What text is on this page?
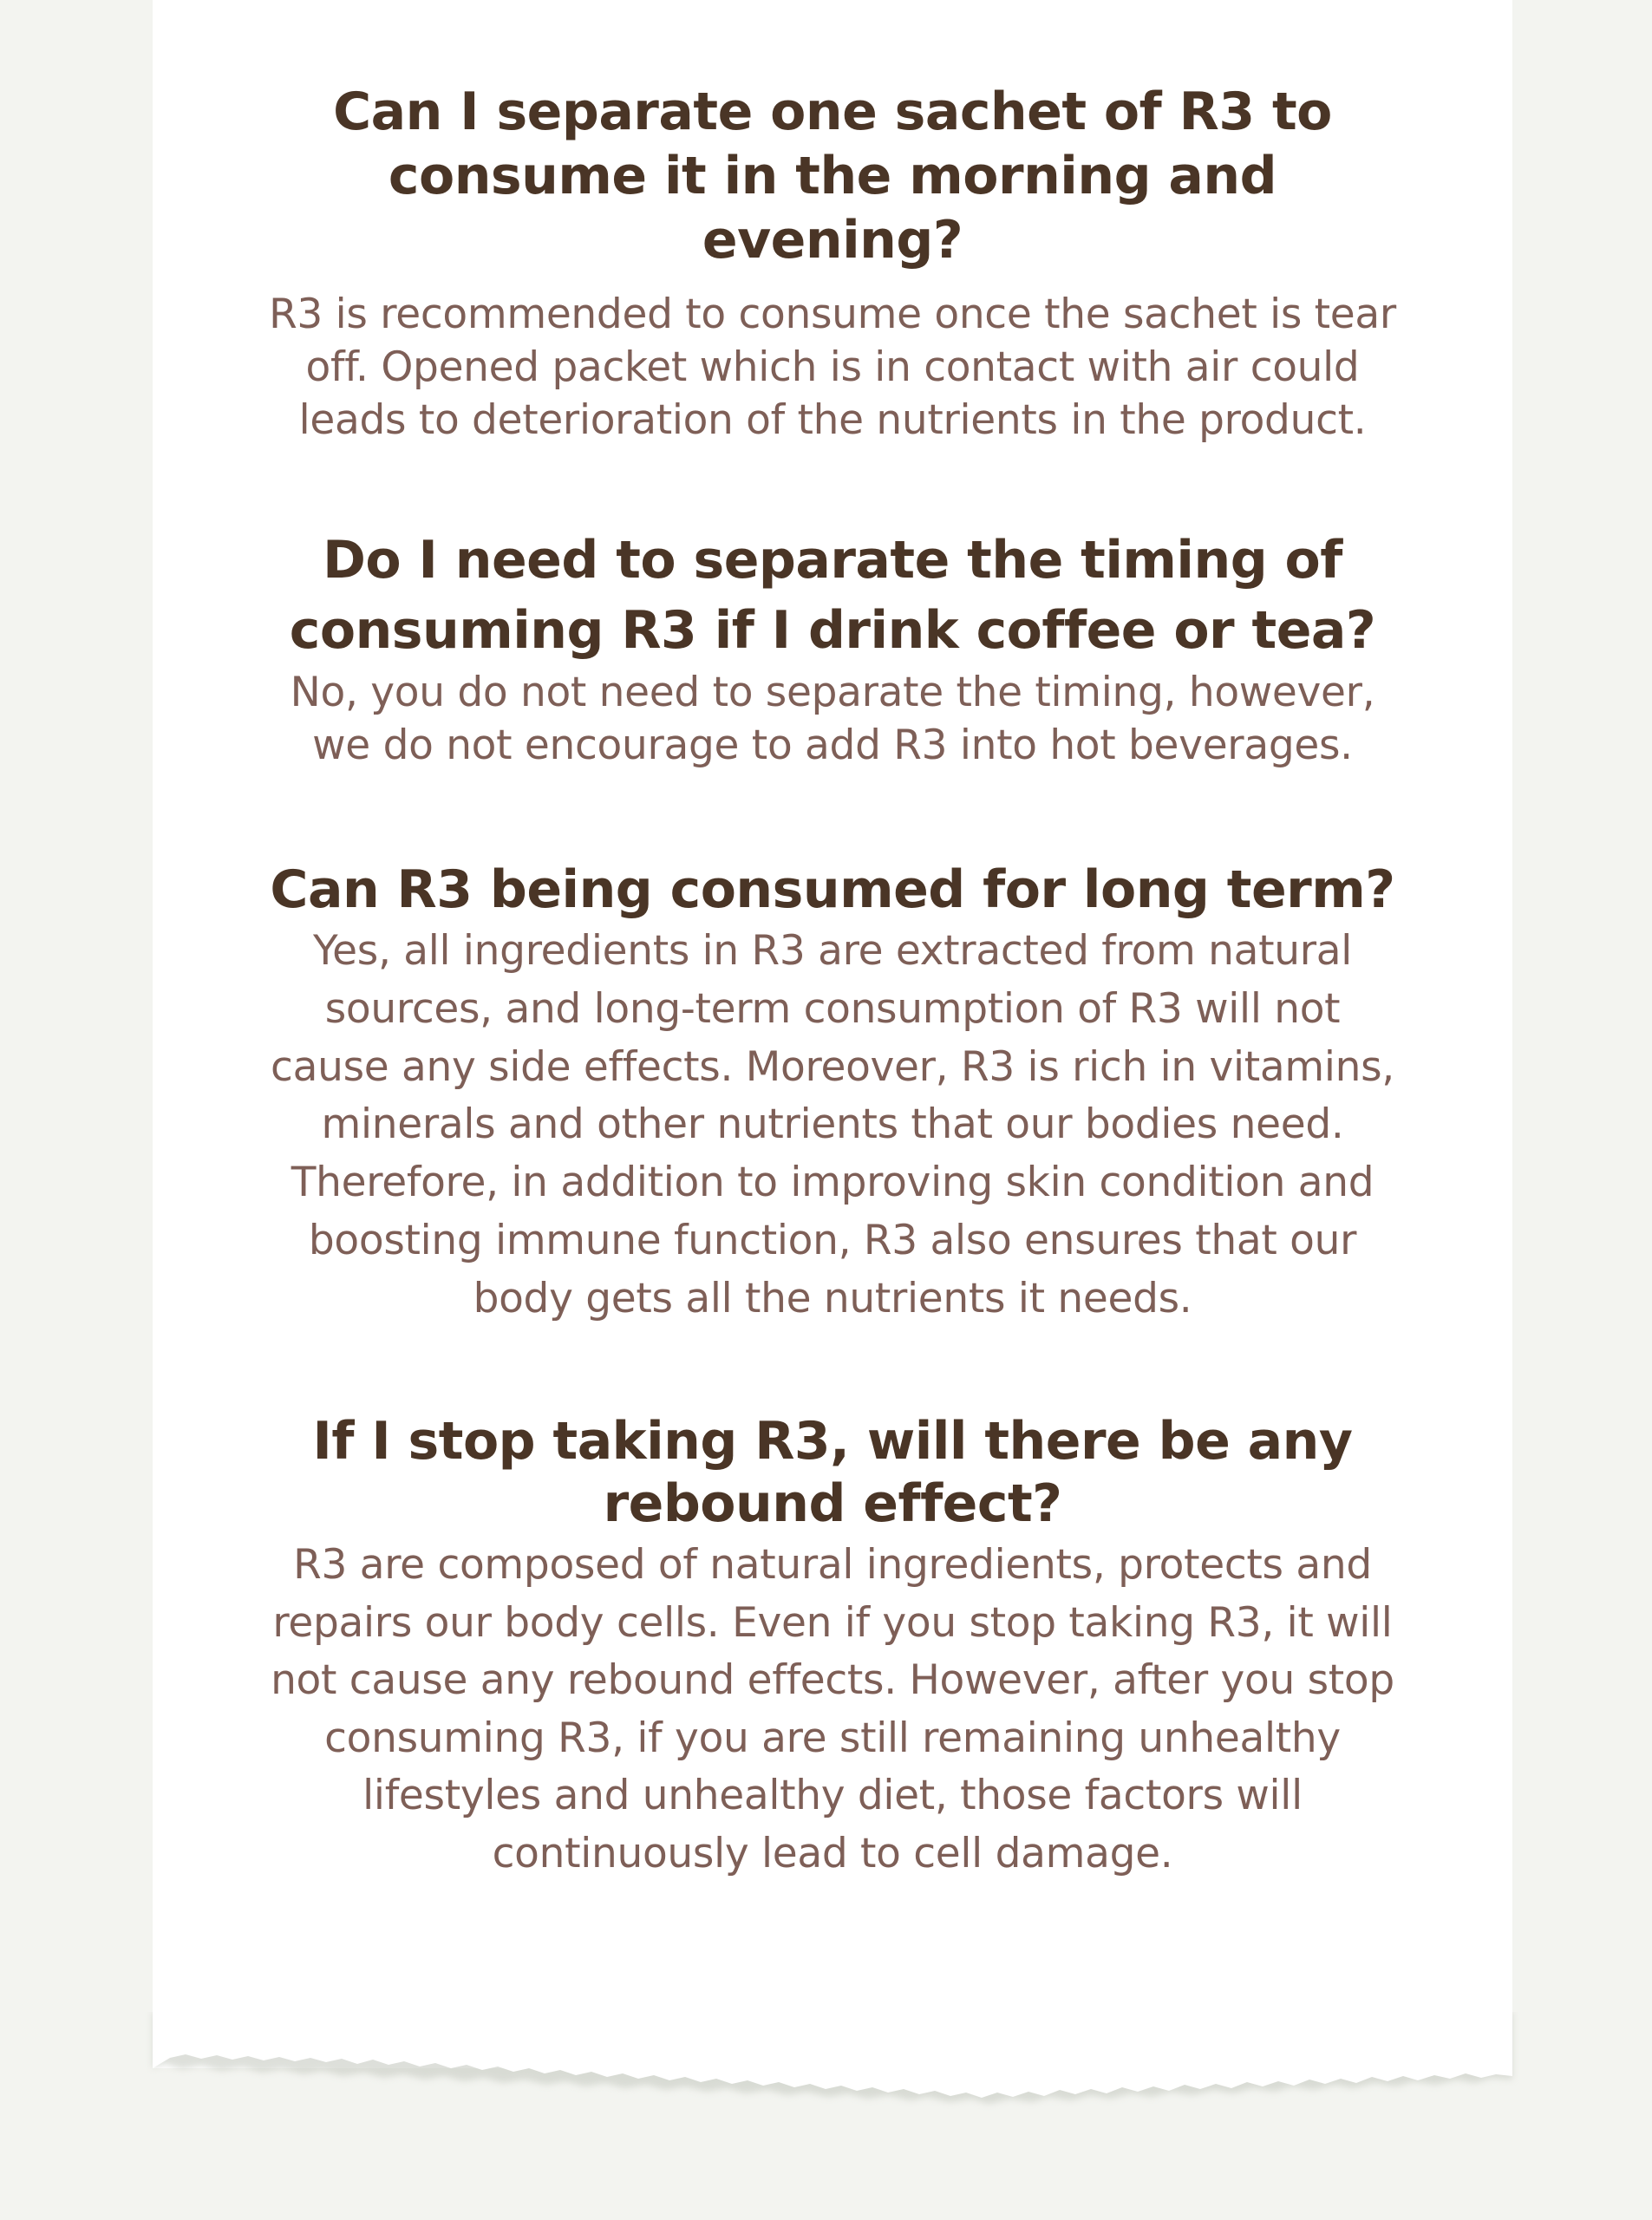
Can I separate one sachet of R3 to consume it in the morning and evening?

R3 is recommended to consume once the sachet is tear off. Opened packet which is in contact with air could leads to deterioration of the nutrients in the product.

Do I need to separate the timing of consuming R3 if I drink coffee or tea?

No, you do not need to separate the timing, however, we do not encourage to add R3 into hot beverages.

Can R3 being consumed for long term?

Yes, all ingredients in R3 are extracted from natural sources, and long-term consumption of R3 will not cause any side effects. Moreover, R3 is rich in vitamins, minerals and other nutrients that our bodies need. Therefore, in addition to improving skin condition and boosting immune function, R3 also ensures that our body gets all the nutrients it needs.

If I stop taking R3, will there be any rebound effect?

R3 are composed of natural ingredients, protects and repairs our body cells. Even if you stop taking R3, it will not cause any rebound effects. However, after you stop consuming R3, if you are still remaining unhealthy lifestyles and unhealthy diet, those factors will continuously lead to cell damage.
